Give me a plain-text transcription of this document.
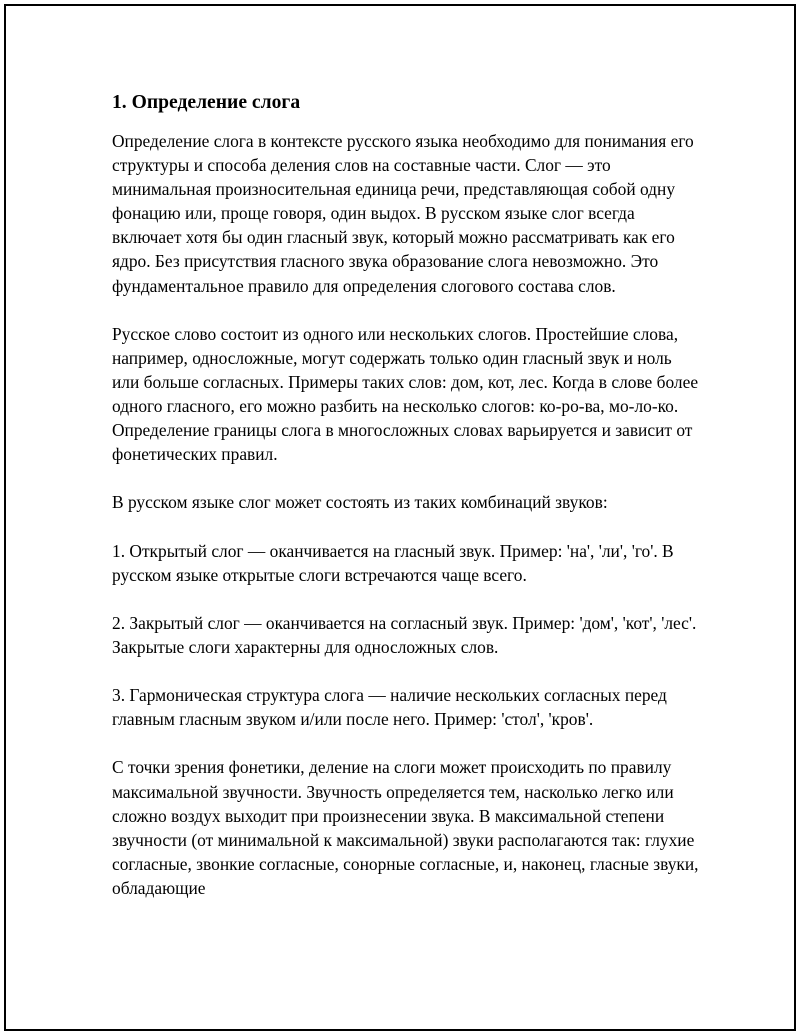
1. Определение слога

Определение слога в контексте русского языка необходимо для понимания его структуры и способа деления слов на составные части. Слог — это минимальная произносительная единица речи, представляющая собой одну фонацию или, проще говоря, один выдох. В русском языке слог всегда включает хотя бы один гласный звук, который можно рассматривать как его ядро. Без присутствия гласного звука образование слога невозможно. Это фундаментальное правило для определения слогового состава слов.

Русское слово состоит из одного или нескольких слогов. Простейшие слова, например, односложные, могут содержать только один гласный звук и ноль или больше согласных. Примеры таких слов: дом, кот, лес. Когда в слове более одного гласного, его можно разбить на несколько слогов: ко-ро-ва, мо-ло-ко. Определение границы слога в многосложных словах варьируется и зависит от фонетических правил.

В русском языке слог может состоять из таких комбинаций звуков:

1. Открытый слог — оканчивается на гласный звук. Пример: 'на', 'ли', 'го'. В русском языке открытые слоги встречаются чаще всего.

2. Закрытый слог — оканчивается на согласный звук. Пример: 'дом', 'кот', 'лес'. Закрытые слоги характерны для односложных слов.

3. Гармоническая структура слога — наличие нескольких согласных перед главным гласным звуком и/или после него. Пример: 'стол', 'кров'.

С точки зрения фонетики, деление на слоги может происходить по правилу максимальной звучности. Звучность определяется тем, насколько легко или сложно воздух выходит при произнесении звука. В максимальной степени звучности (от минимальной к максимальной) звуки располагаются так: глухие согласные, звонкие согласные, сонорные согласные, и, наконец, гласные звуки, обладающие
